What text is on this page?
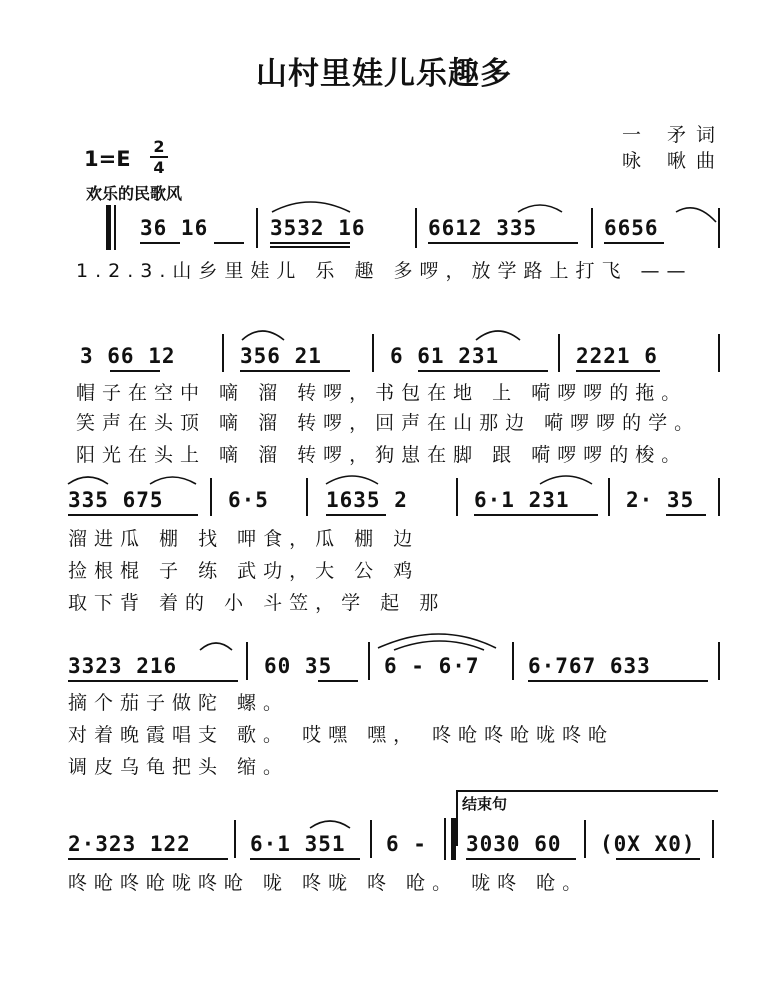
山村里娃儿乐趣多
一 矛词
咏 啾曲
1=E
2
4
欢乐的民歌风
36 16	3532 16	6612 335	6656
1.2.3.山乡里娃儿 乐 趣 多啰，放学路上打飞 ——
3 66 12	356 21	6 61 231	2221 6
帽子在空中 嘀 溜 转啰，书包在地 上 嗬啰啰的拖。
笑声在头顶 嘀 溜 转啰，回声在山那边 嗬啰啰的学。
阳光在头上 嘀 溜 转啰，狗崽在脚 跟 嗬啰啰的梭。
335 675	6·5	1635 2	6·1 231	2· 35
溜进瓜 棚 找 呷食，瓜 棚 边
捡根棍 子 练 武功，大 公 鸡
取下背 着的 小 斗笠，学 起 那
3323 216	60 35 6 - 6·7 6·767 633
摘个茄子做陀 螺。
对着晚霞唱支 歌。 哎嘿 嘿， 咚呛咚呛咙咚呛
调皮乌龟把头 缩。
结束句
2·323 122	6·1 351 6 - 3030 60 (0X X0)
咚呛咚呛咙咚呛 咙 咚咙 咚 呛。 咙咚 呛。
